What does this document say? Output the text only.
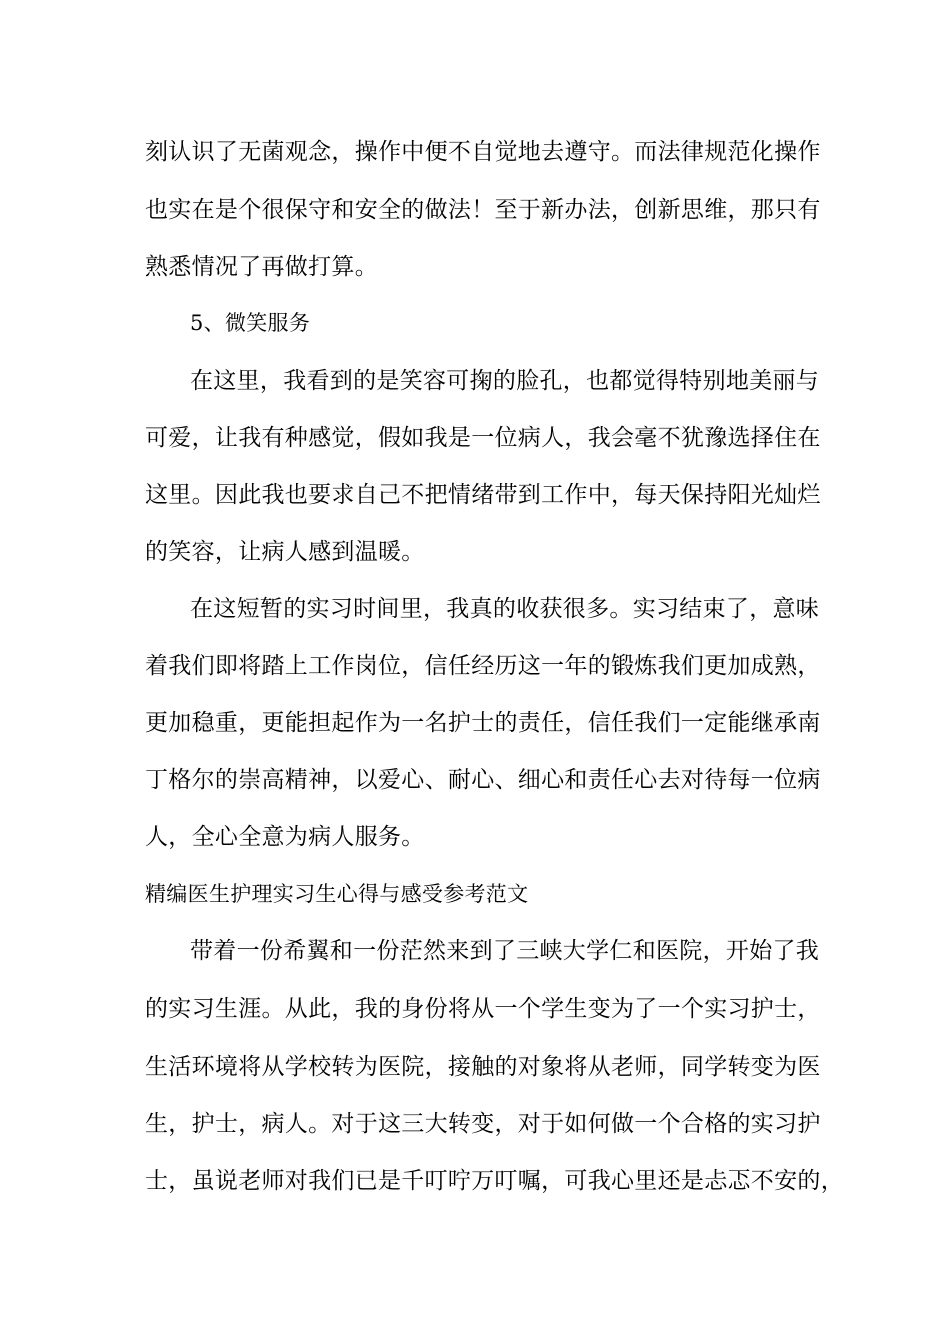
刻认识了无菌观念，操作中便不自觉地去遵守。而法律规范化操作
也实在是个很保守和安全的做法！至于新办法，创新思维，那只有
熟悉情况了再做打算。
5、微笑服务
在这里，我看到的是笑容可掬的脸孔，也都觉得特别地美丽与
可爱，让我有种感觉，假如我是一位病人，我会毫不犹豫选择住在
这里。因此我也要求自己不把情绪带到工作中，每天保持阳光灿烂
的笑容，让病人感到温暖。
在这短暂的实习时间里，我真的收获很多。实习结束了，意味
着我们即将踏上工作岗位，信任经历这一年的锻炼我们更加成熟，
更加稳重，更能担起作为一名护士的责任，信任我们一定能继承南
丁格尔的崇高精神，以爱心、耐心、细心和责任心去对待每一位病
人，全心全意为病人服务。
精编医生护理实习生心得与感受参考范文
带着一份希翼和一份茫然来到了三峡大学仁和医院，开始了我
的实习生涯。从此，我的身份将从一个学生变为了一个实习护士，
生活环境将从学校转为医院，接触的对象将从老师，同学转变为医
生，护士，病人。对于这三大转变，对于如何做一个合格的实习护
士，虽说老师对我们已是千叮咛万叮嘱，可我心里还是忐忑不安的，
